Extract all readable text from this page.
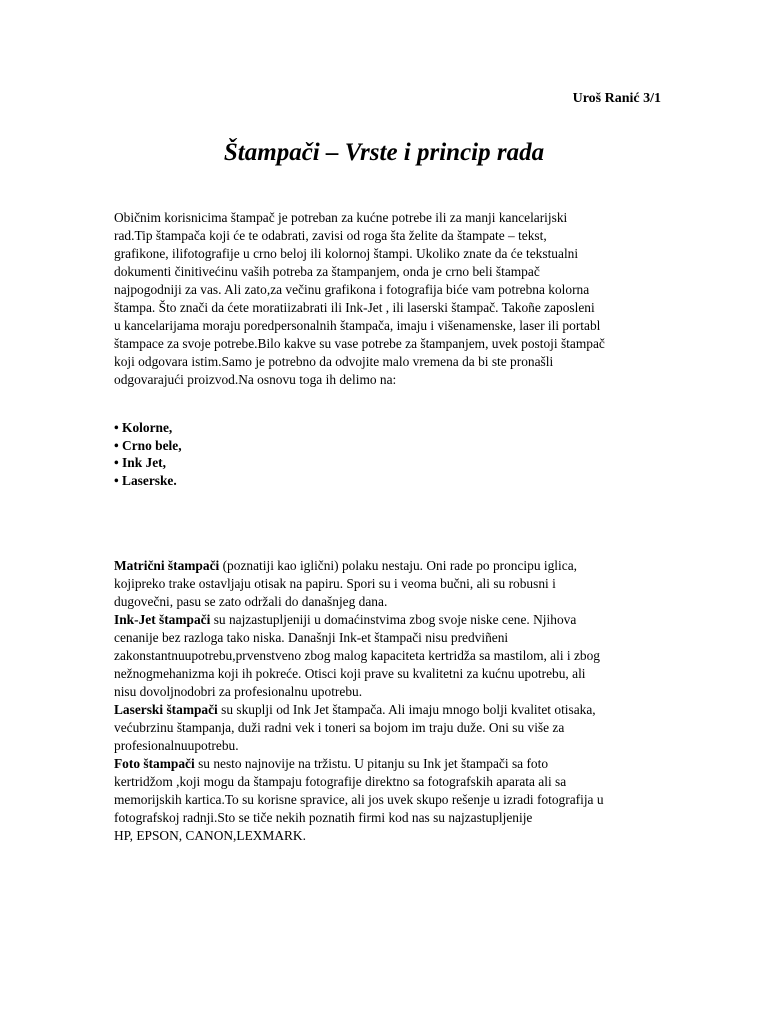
Uroš Ranić 3/1
Štampači – Vrste i princip rada
Običnim korisnicima štampač je potreban za kućne potrebe ili za manji kancelarijski
rad.Tip štampača koji će te odabrati, zavisi od roga šta želite da štampate – tekst,
grafikone, ilifotografije u crno beloj ili kolornoj štampi. Ukoliko znate da će tekstualni
dokumenti činitivećinu vaših potreba za štampanjem, onda je crno beli štampač
najpogodniji za vas. Ali zato,za večinu grafikona i fotografija biće vam potrebna kolorna
štampa. Što znači da ćete moratiizabrati ili Ink-Jet , ili laserski štampač. Takoñe zaposleni
u kancelarijama moraju poredpersonalnih štampača, imaju i višenamenske, laser ili portabl
štampace za svoje potrebe.Bilo kakve su vase potrebe za štampanjem, uvek postoji štampač
koji odgovara istim.Samo je potrebno da odvojite malo vremena da bi ste pronašli
odgovarajući proizvod.Na osnovu toga ih delimo na:
• Kolorne,
• Crno bele,
• Ink Jet,
• Laserske.
Matrični štampači (poznatiji kao iglični) polaku nestaju. Oni rade po proncipu iglica,
kojipreko trake ostavljaju otisak na papiru. Spori su i veoma bučni, ali su robusni i
dugovečni, pasu se zato održali do današnjeg dana.
Ink-Jet štampači su najzastupljeniji u domaćinstvima zbog svoje niske cene. Njihova
cenanije bez razloga tako niska. Današnji Ink-et štampači nisu predviñeni
zakonstantnuupotrebu,prvenstveno zbog malog kapaciteta kertridža sa mastilom, ali i zbog
nežnogmehanizma koji ih pokreće. Otisci koji prave su kvalitetni za kućnu upotrebu, ali
nisu dovoljnodobri za profesionalnu upotrebu.
Laserski štampači su skuplji od Ink Jet štampača. Ali imaju mnogo bolji kvalitet otisaka,
većubrzinu štampanja, duži radni vek i toneri sa bojom im traju duže. Oni su više za
profesionalnuupotrebu.
Foto štampači su nesto najnovije na tržistu. U pitanju su Ink jet štampači sa foto
kertridžom ,koji mogu da štampaju fotografije direktno sa fotografskih aparata ali sa
memorijskih kartica.To su korisne spravice, ali jos uvek skupo rešenje u izradi fotografija u
fotografskoj radnji.Sto se tiče nekih poznatih firmi kod nas su najzastupljenije
HP, EPSON, CANON,LEXMARK.
